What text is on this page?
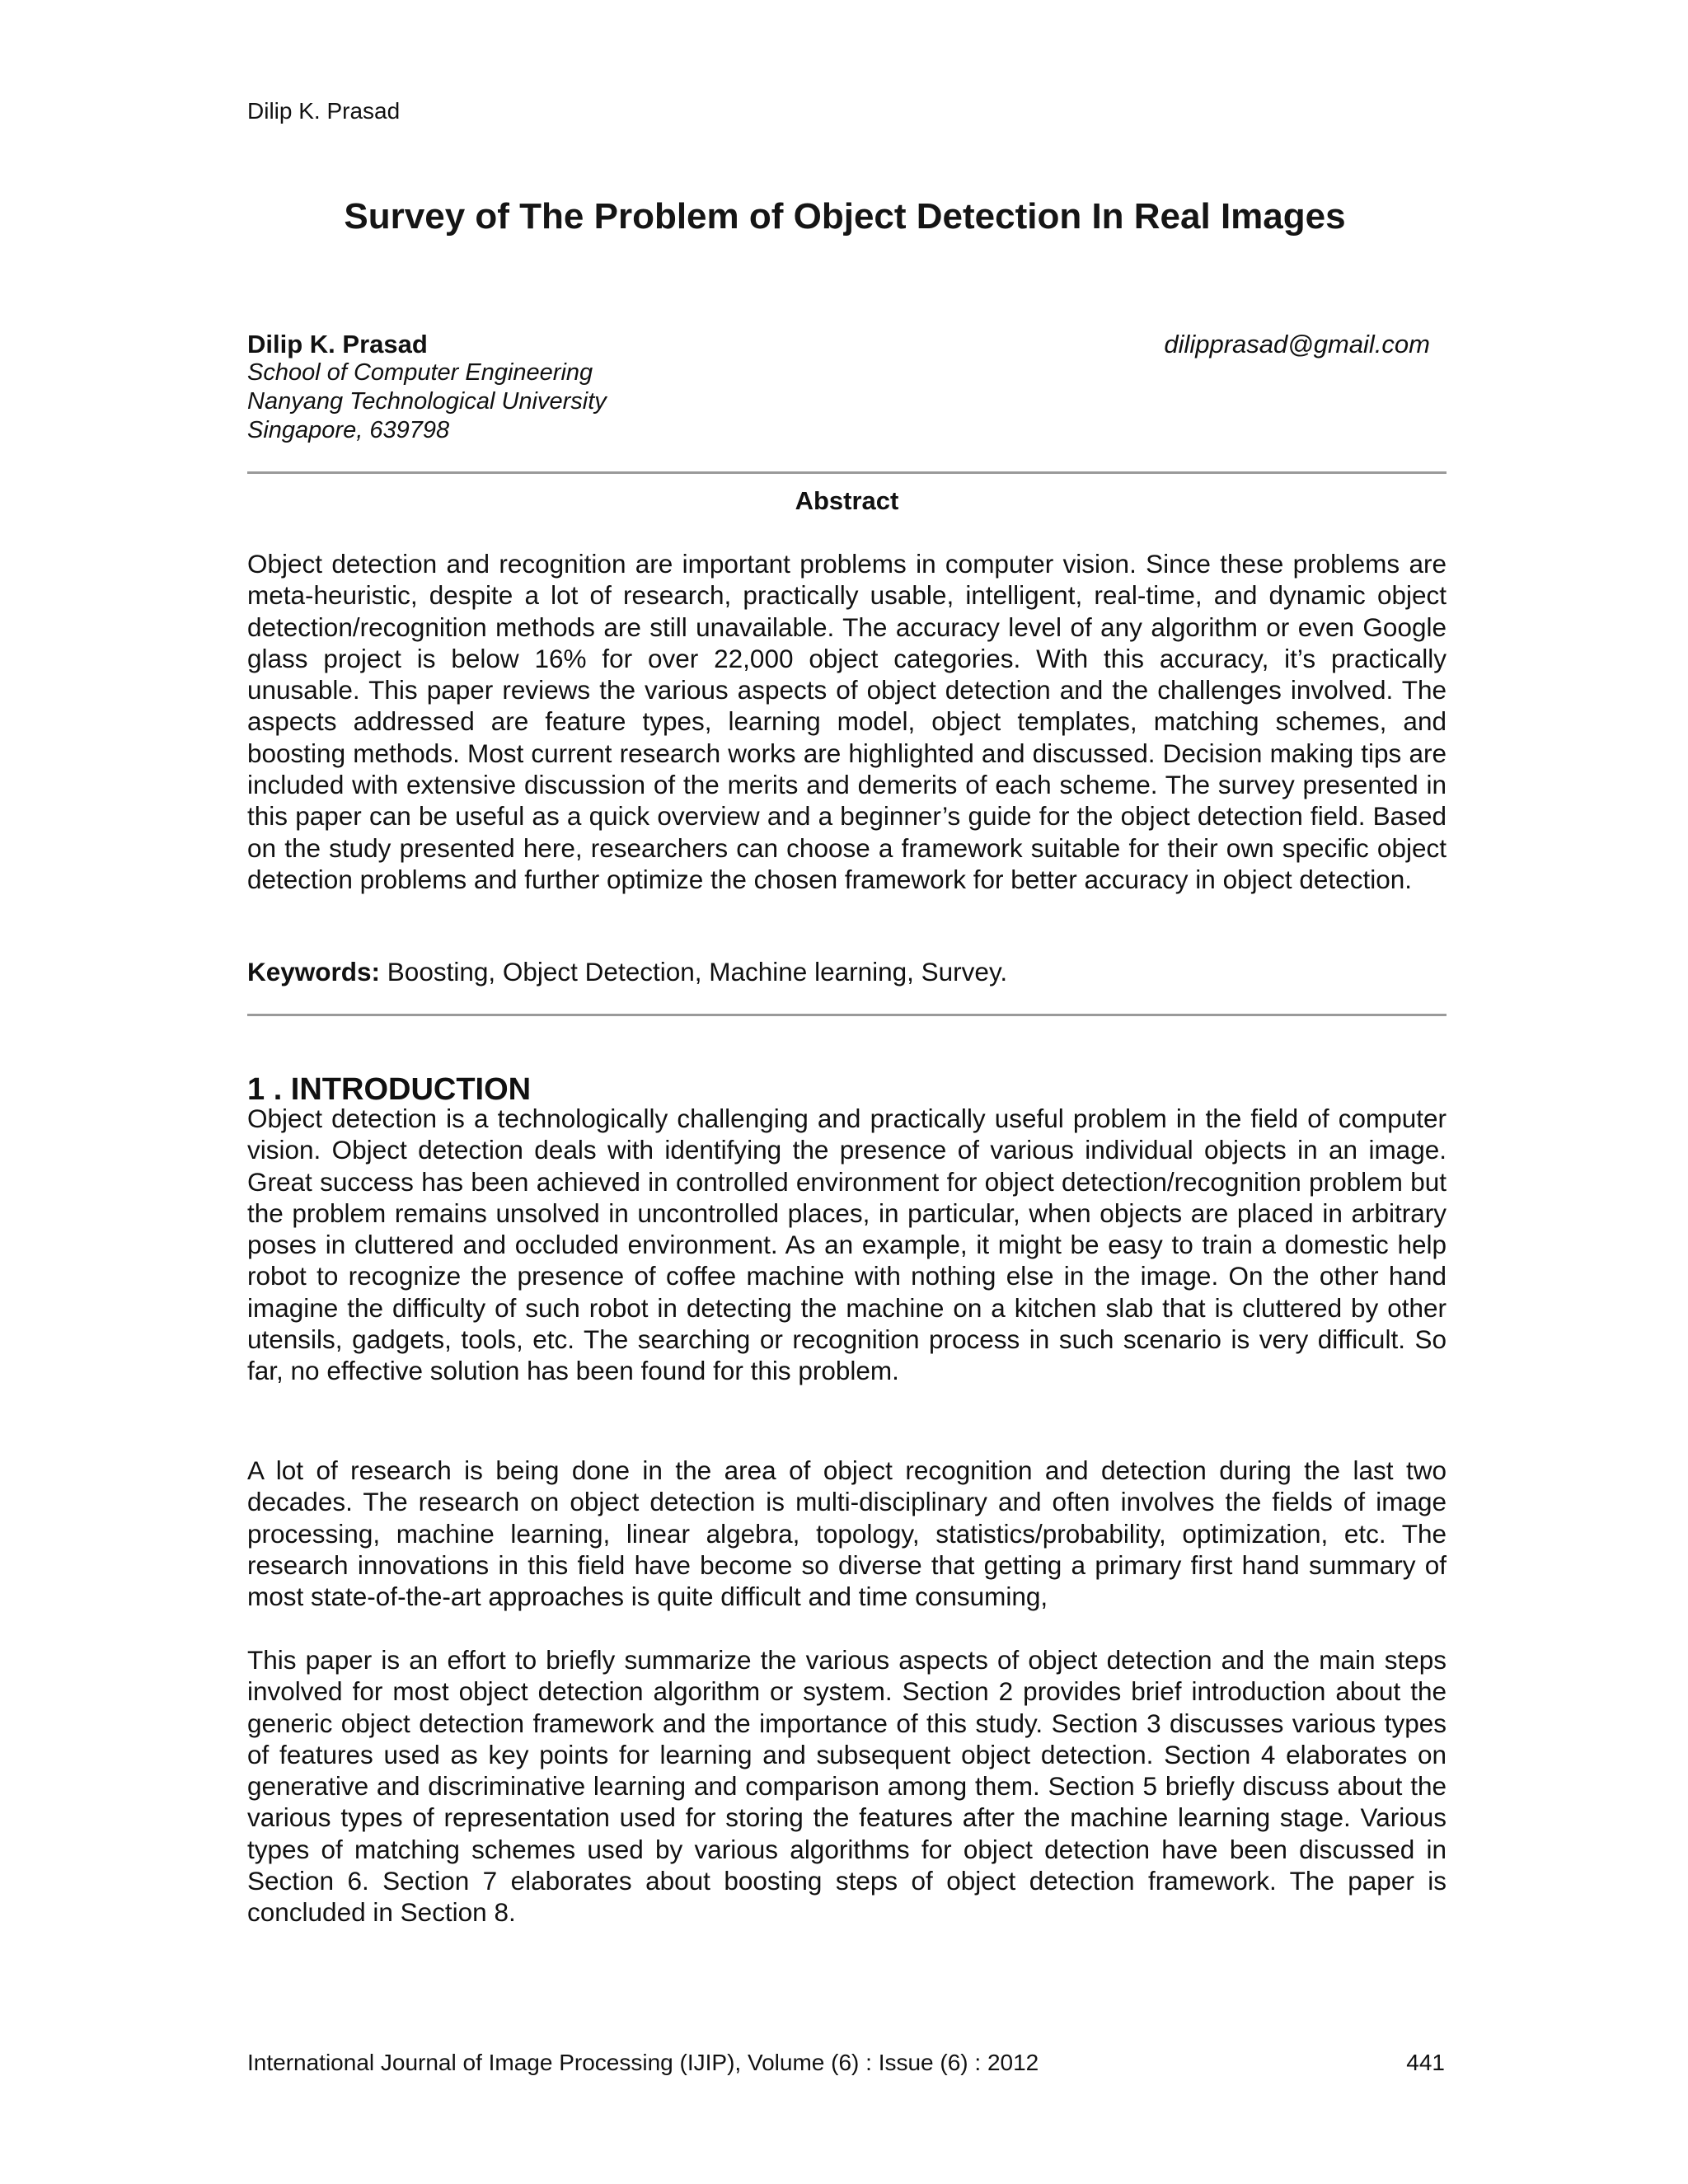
Dilip K. Prasad
Survey of The Problem of Object Detection In Real Images
Dilip K. Prasad	dilipprasad@gmail.com
School of Computer Engineering
Nanyang Technological University
Singapore, 639798
Abstract

Object detection and recognition are important problems in computer vision. Since these problems are meta-heuristic, despite a lot of research, practically usable, intelligent, real-time, and dynamic object detection/recognition methods are still unavailable. The accuracy level of any algorithm or even Google glass project is below 16% for over 22,000 object categories. With this accuracy, it’s practically unusable. This paper reviews the various aspects of object detection and the challenges involved. The aspects addressed are feature types, learning model, object templates, matching schemes, and boosting methods. Most current research works are highlighted and discussed. Decision making tips are included with extensive discussion of the merits and demerits of each scheme. The survey presented in this paper can be useful as a quick overview and a beginner’s guide for the object detection field. Based on the study presented here, researchers can choose a framework suitable for their own specific object detection problems and further optimize the chosen framework for better accuracy in object detection.

Keywords: Boosting, Object Detection, Machine learning, Survey.

1 . INTRODUCTION

Object detection is a technologically challenging and practically useful problem in the field of computer vision. Object detection deals with identifying the presence of various individual objects in an image. Great success has been achieved in controlled environment for object detection/recognition problem but the problem remains unsolved in uncontrolled places, in particular, when objects are placed in arbitrary poses in cluttered and occluded environment. As an example, it might be easy to train a domestic help robot to recognize the presence of coffee machine with nothing else in the image. On the other hand imagine the difficulty of such robot in detecting the machine on a kitchen slab that is cluttered by other utensils, gadgets, tools, etc. The searching or recognition process in such scenario is very difficult. So far, no effective solution has been found for this problem.

A lot of research is being done in the area of object recognition and detection during the last two decades. The research on object detection is multi-disciplinary and often involves the fields of image processing, machine learning, linear algebra, topology, statistics/probability, optimization, etc. The research innovations in this field have become so diverse that getting a primary first hand summary of most state-of-the-art approaches is quite difficult and time consuming,

This paper is an effort to briefly summarize the various aspects of object detection and the main steps involved for most object detection algorithm or system. Section 2 provides brief introduction about the generic object detection framework and the importance of this study. Section 3 discusses various types of features used as key points for learning and subsequent object detection. Section 4 elaborates on generative and discriminative learning and comparison among them. Section 5 briefly discuss about the various types of representation used for storing the features after the machine learning stage. Various types of matching schemes used by various algorithms for object detection have been discussed in Section 6. Section 7 elaborates about boosting steps of object detection framework. The paper is concluded in Section 8.

International Journal of Image Processing (IJIP), Volume (6) : Issue (6) : 2012	441
